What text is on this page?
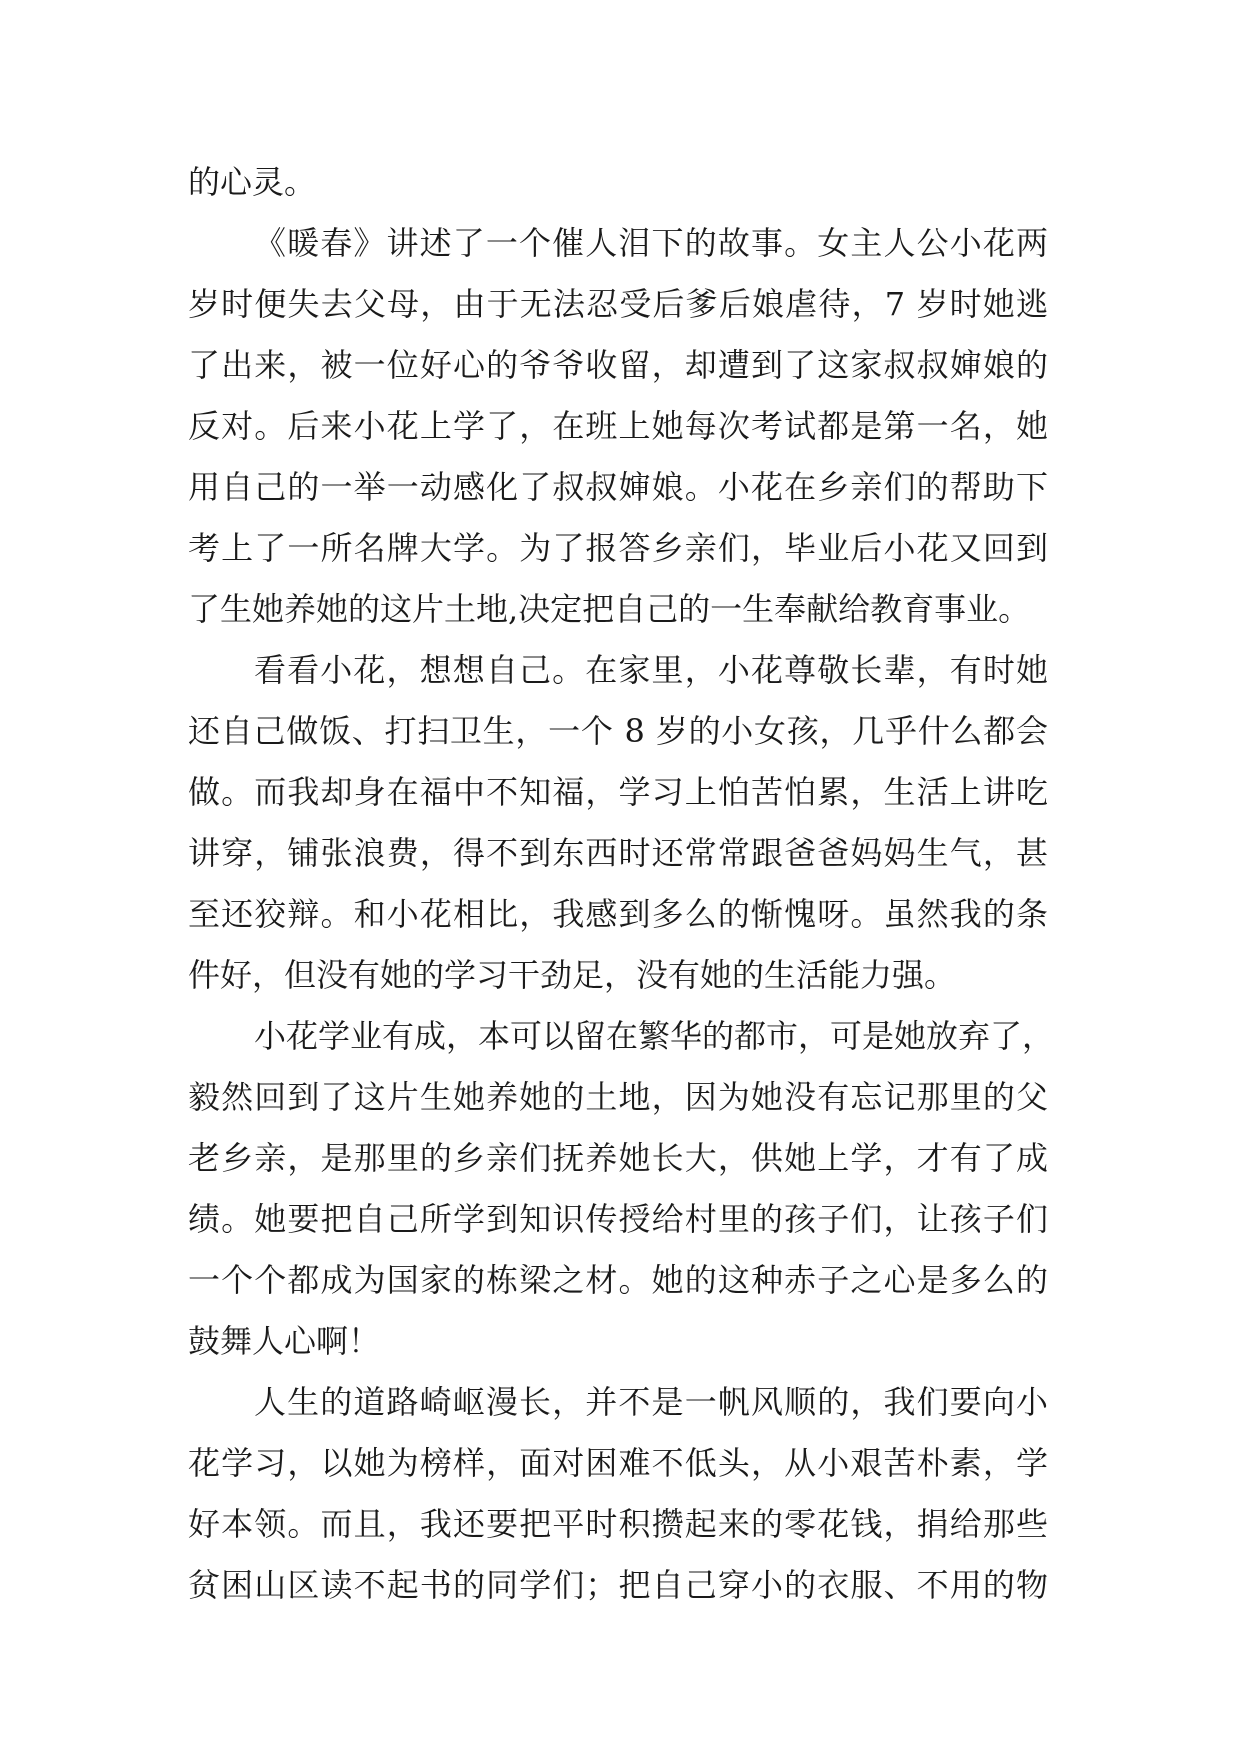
的心灵。
《暖春》讲述了一个催人泪下的故事。女主人公小花两
岁时便失去父母，由于无法忍受后爹后娘虐待，7 岁时她逃
了出来，被一位好心的爷爷收留，却遭到了这家叔叔婶娘的
反对。后来小花上学了，在班上她每次考试都是第一名，她
用自己的一举一动感化了叔叔婶娘。小花在乡亲们的帮助下
考上了一所名牌大学。为了报答乡亲们，毕业后小花又回到
了生她养她的这片土地,决定把自己的一生奉献给教育事业。
看看小花，想想自己。在家里，小花尊敬长辈，有时她
还自己做饭、打扫卫生，一个 8 岁的小女孩，几乎什么都会
做。而我却身在福中不知福，学习上怕苦怕累，生活上讲吃
讲穿，铺张浪费，得不到东西时还常常跟爸爸妈妈生气，甚
至还狡辩。和小花相比，我感到多么的惭愧呀。虽然我的条
件好，但没有她的学习干劲足，没有她的生活能力强。
小花学业有成，本可以留在繁华的都市，可是她放弃了，
毅然回到了这片生她养她的土地，因为她没有忘记那里的父
老乡亲，是那里的乡亲们抚养她长大，供她上学，才有了成
绩。她要把自己所学到知识传授给村里的孩子们，让孩子们
一个个都成为国家的栋梁之材。她的这种赤子之心是多么的
鼓舞人心啊！
人生的道路崎岖漫长，并不是一帆风顺的，我们要向小
花学习，以她为榜样，面对困难不低头，从小艰苦朴素，学
好本领。而且，我还要把平时积攒起来的零花钱，捐给那些
贫困山区读不起书的同学们；把自己穿小的衣服、不用的物
